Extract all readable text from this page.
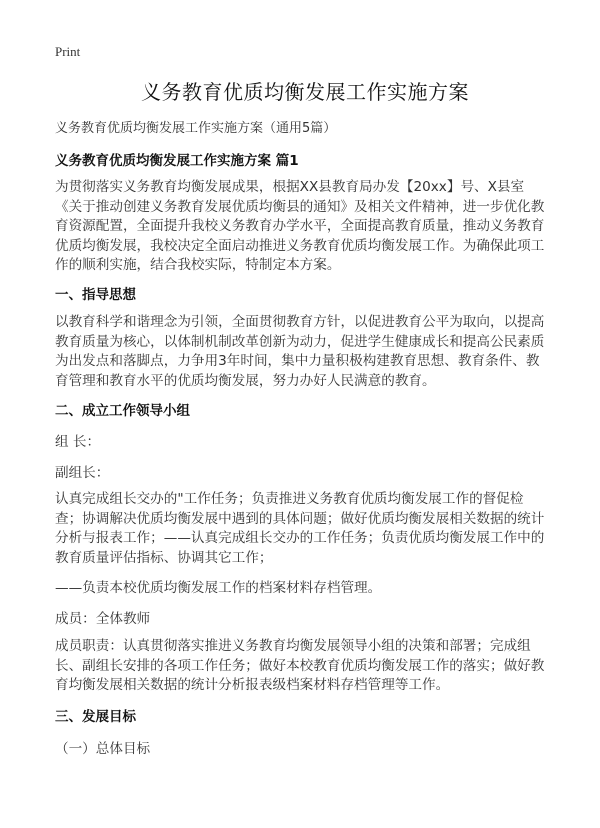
Print
义务教育优质均衡发展工作实施方案
义务教育优质均衡发展工作实施方案（通用5篇）
义务教育优质均衡发展工作实施方案 篇1
为贯彻落实义务教育均衡发展成果，根据XX县教育局办发【20xx】号、X县室《关于推动创建义务教育发展优质均衡县的通知》及相关文件精神，进一步优化教育资源配置，全面提升我校义务教育办学水平，全面提高教育质量，推动义务教育优质均衡发展，我校决定全面启动推进义务教育优质均衡发展工作。为确保此项工作的顺利实施，结合我校实际，特制定本方案。
一、指导思想
以教育科学和谐理念为引领，全面贯彻教育方针，以促进教育公平为取向，以提高教育质量为核心，以体制机制改革创新为动力，促进学生健康成长和提高公民素质为出发点和落脚点，力争用3年时间，集中力量积极构建教育思想、教育条件、教育管理和教育水平的优质均衡发展，努力办好人民满意的教育。
二、成立工作领导小组
组 长：
副组长：
认真完成组长交办的"工作任务；负责推进义务教育优质均衡发展工作的督促检查；协调解决优质均衡发展中遇到的具体问题；做好优质均衡发展相关数据的统计分析与报表工作；——认真完成组长交办的工作任务；负责优质均衡发展工作中的教育质量评估指标、协调其它工作；
——负责本校优质均衡发展工作的档案材料存档管理。
成员：全体教师
成员职责：认真贯彻落实推进义务教育均衡发展领导小组的决策和部署；完成组长、副组长安排的各项工作任务；做好本校教育优质均衡发展工作的落实；做好教育均衡发展相关数据的统计分析报表级档案材料存档管理等工作。
三、发展目标
（一）总体目标
